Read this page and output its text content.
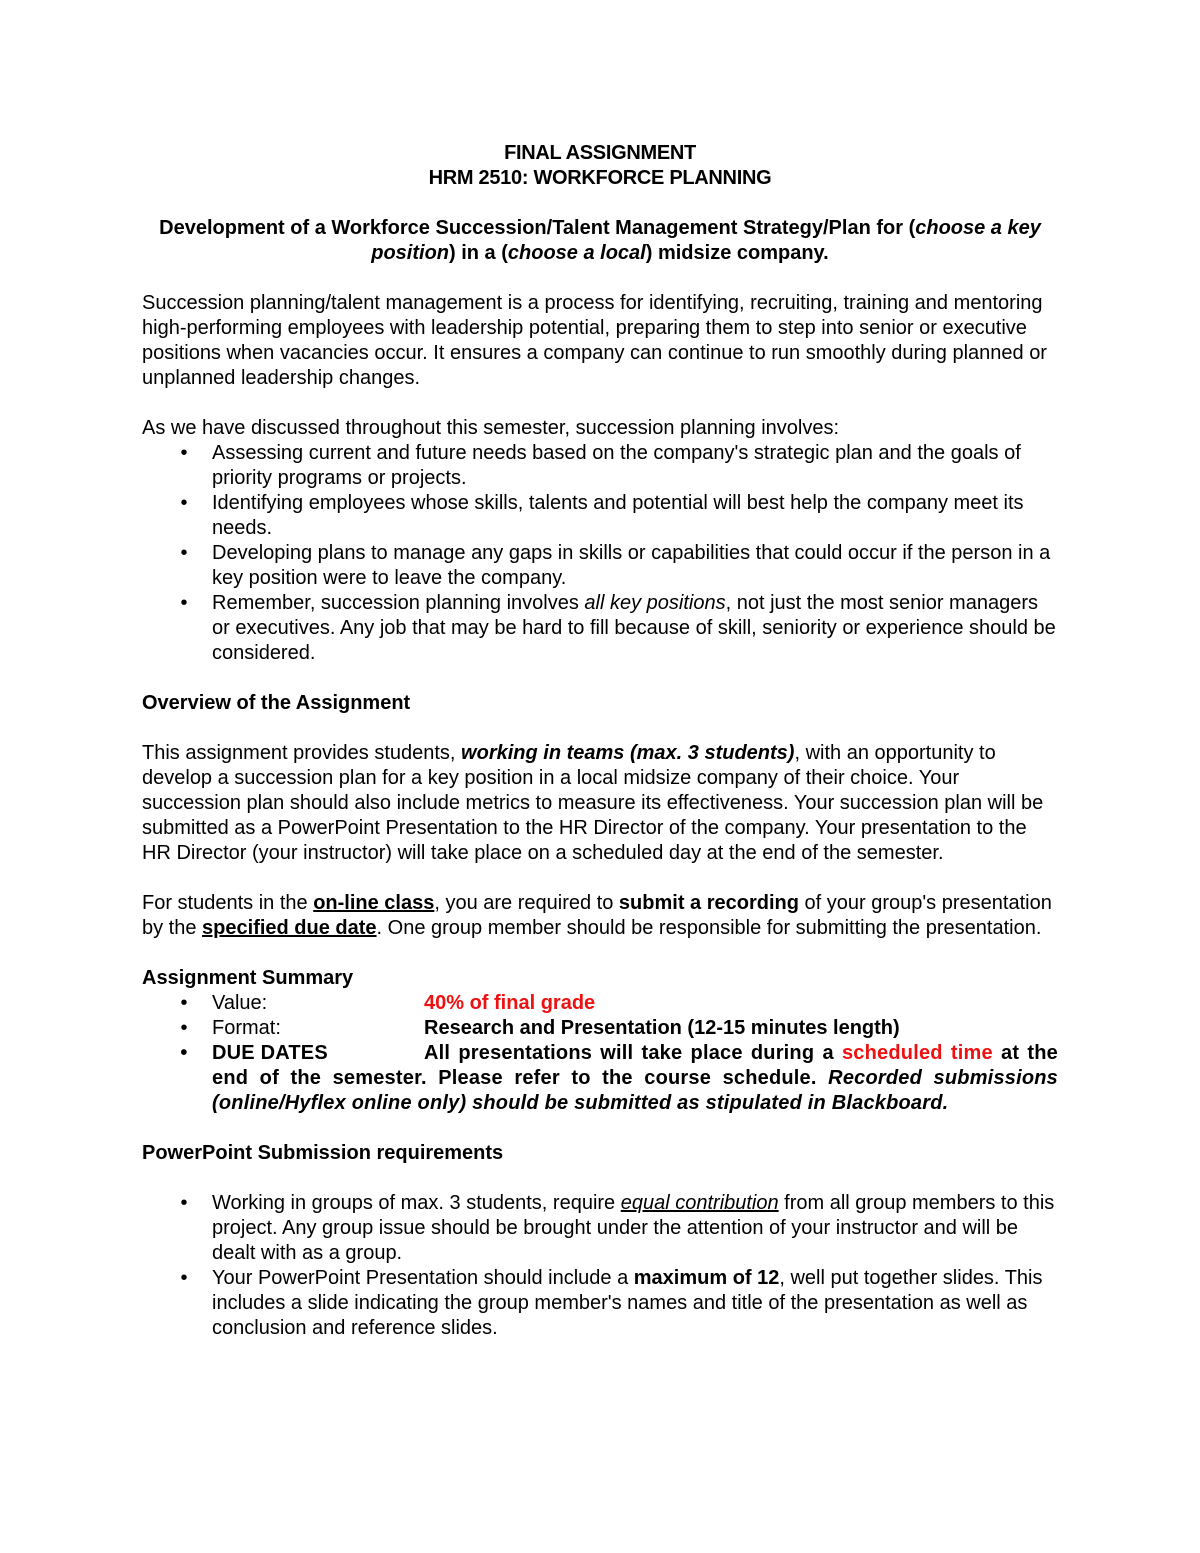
FINAL ASSIGNMENT

HRM 2510: WORKFORCE PLANNING

Development of a Workforce Succession/Talent Management Strategy/Plan for (choose a key position) in a (choose a local) midsize company.

Succession planning/talent management is a process for identifying, recruiting, training and mentoring high-performing employees with leadership potential, preparing them to step into senior or executive positions when vacancies occur. It ensures a company can continue to run smoothly during planned or unplanned leadership changes.

As we have discussed throughout this semester, succession planning involves:

•	Assessing current and future needs based on the company's strategic plan and the goals of priority programs or projects.
•	Identifying employees whose skills, talents and potential will best help the company meet its needs.
•	Developing plans to manage any gaps in skills or capabilities that could occur if the person in a key position were to leave the company.
•	Remember, succession planning involves all key positions, not just the most senior managers or executives. Any job that may be hard to fill because of skill, seniority or experience should be considered.

Overview of the Assignment

This assignment provides students, working in teams (max. 3 students), with an opportunity to develop a succession plan for a key position in a local midsize company of their choice. Your succession plan should also include metrics to measure its effectiveness. Your succession plan will be submitted as a PowerPoint Presentation to the HR Director of the company. Your presentation to the HR Director (your instructor) will take place on a scheduled day at the end of the semester.

For students in the on-line class, you are required to submit a recording of your group's presentation by the specified due date. One group member should be responsible for submitting the presentation.

Assignment Summary

•	Value:	40% of final grade
•	Format:	Research and Presentation (12-15 minutes length)
•	DUE DATES	All presentations will take place during a scheduled time at the end of the semester. Please refer to the course schedule. Recorded submissions (online/Hyflex online only) should be submitted as stipulated in Blackboard.

PowerPoint Submission requirements

•	Working in groups of max. 3 students, require equal contribution from all group members to this project. Any group issue should be brought under the attention of your instructor and will be dealt with as a group.
•	Your PowerPoint Presentation should include a maximum of 12, well put together slides. This includes a slide indicating the group member's names and title of the presentation as well as conclusion and reference slides.
